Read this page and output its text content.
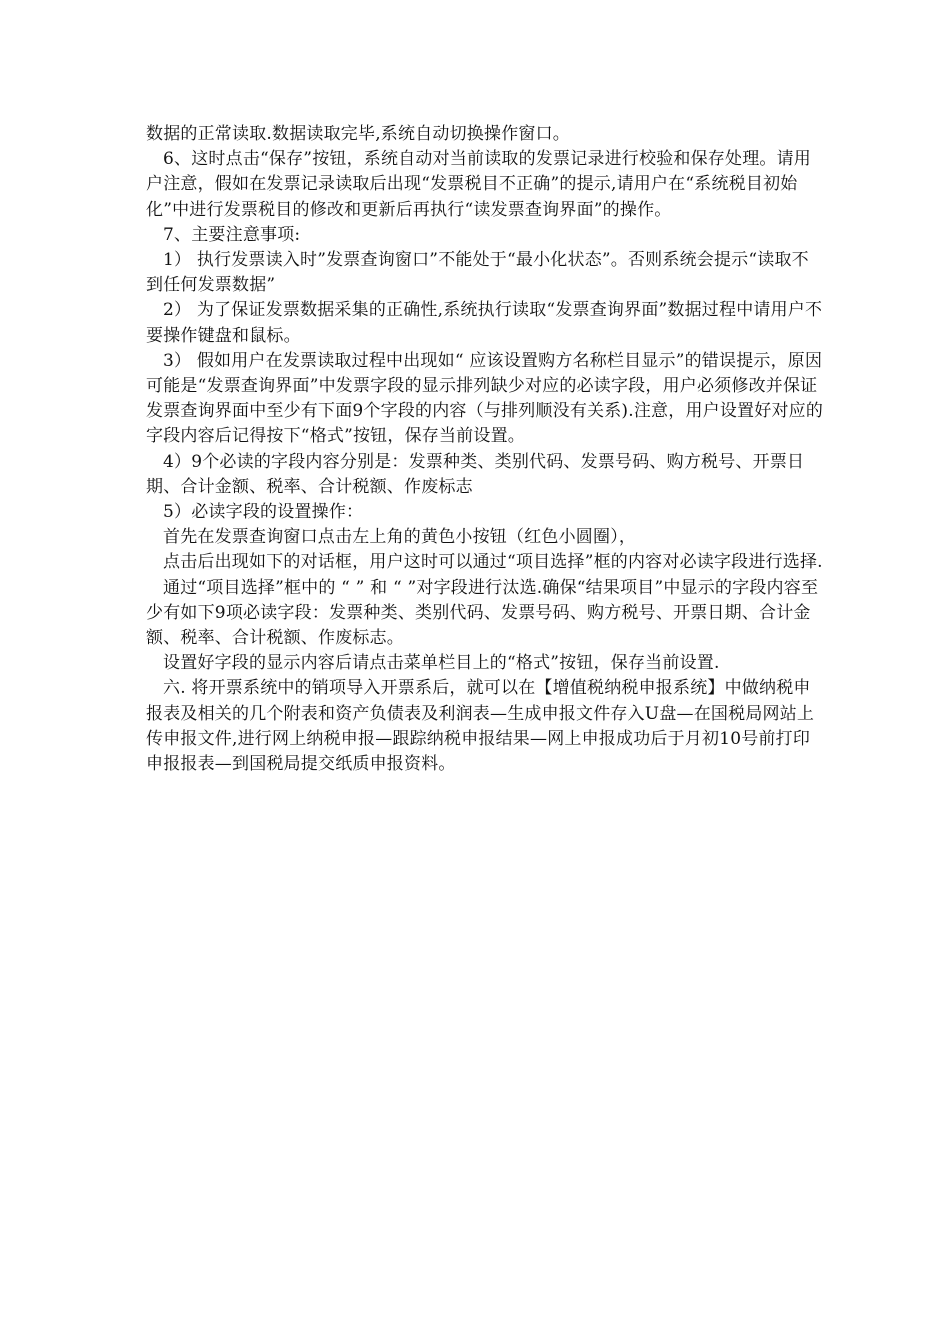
数据的正常读取.数据读取完毕,系统自动切换操作窗口。

6、这时点击“保存”按钮，系统自动对当前读取的发票记录进行校验和保存处理。请用户注意，假如在发票记录读取后出现“发票税目不正确”的提示,请用户在“系统税目初始化”中进行发票税目的修改和更新后再执行“读发票查询界面”的操作。

7、主要注意事项:

1） 执行发票读入时”发票查询窗口”不能处于“最小化状态”。否则系统会提示“读取不到任何发票数据”

2） 为了保证发票数据采集的正确性,系统执行读取“发票查询界面”数据过程中请用户不要操作键盘和鼠标。

3） 假如用户在发票读取过程中出现如“ 应该设置购方名称栏目显示”的错误提示，原因可能是“发票查询界面”中发票字段的显示排列缺少对应的必读字段，用户必须修改并保证发票查询界面中至少有下面9个字段的内容（与排列顺没有关系).注意，用户设置好对应的字段内容后记得按下“格式”按钮，保存当前设置。

4）9个必读的字段内容分别是：发票种类、类别代码、发票号码、购方税号、开票日期、合计金额、税率、合计税额、作废标志

5）必读字段的设置操作：

首先在发票查询窗口点击左上角的黄色小按钮（红色小圆圈），

点击后出现如下的对话框，用户这时可以通过“项目选择”框的内容对必读字段进行选择.

通过“项目选择”框中的 “ ” 和 “ ”对字段进行汰选.确保“结果项目”中显示的字段内容至少有如下9项必读字段：发票种类、类别代码、发票号码、购方税号、开票日期、合计金额、税率、合计税额、作废标志。

设置好字段的显示内容后请点击菜单栏目上的“格式”按钮，保存当前设置.

六. 将开票系统中的销项导入开票系后，就可以在【增值税纳税申报系统】中做纳税申报表及相关的几个附表和资产负债表及利润表—生成申报文件存入U盘—在国税局网站上传申报文件,进行网上纳税申报—跟踪纳税申报结果—网上申报成功后于月初10号前打印申报报表—到国税局提交纸质申报资料。
